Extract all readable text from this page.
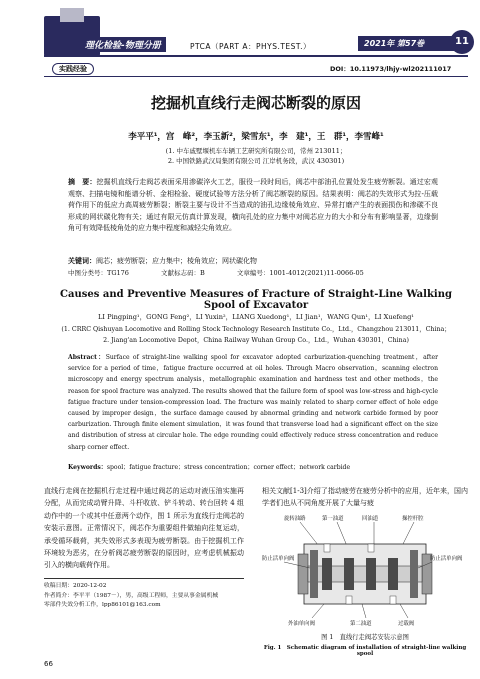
理化检验-物理分册	PTCA（PART A：PHYS.TEST.）	2021年 第57卷	11
实践经验	DOI：10.11973/lhjy-wl202111017
挖掘机直线行走阀芯断裂的原因
李平平¹，宫　峰²，李玉新²，梁雪东¹，李　建¹，王　群¹，李雪峰¹
(1. 中车戚墅堰机车车辆工艺研究所有限公司，常州 213011；
2. 中国铁路武汉局集团有限公司 江岸机务段，武汉 430301)
摘　要：挖掘机直线行走阀芯表面采用渗碳淬火工艺，服役一段时间后，阀芯中部油孔位置处发生疲劳断裂。通过宏观观察、扫描电镜和能谱分析、金相检验、硬度试验等方法分析了阀芯断裂的原因。结果表明：阀芯的失效形式为拉-压载荷作用下的低应力高周疲劳断裂；断裂主要与设计不当造成的油孔边缘棱角效应、异常打磨产生的表面损伤和渗碳不良形成的网状碳化物有关；通过有限元仿真计算发现，横向孔处的应力集中对阀芯应力的大小和分布有影响显著，边缘倒角可有效降低棱角处的应力集中程度和减轻尖角效应。
关键词：阀芯；疲劳断裂；应力集中；棱角效应；网状碳化物
中图分类号：TG176	文献标志码：B	文章编号：1001-4012(2021)11-0066-05
Causes and Preventive Measures of Fracture of Straight-Line Walking Spool of Excavator
LI Pingping¹，GONG Feng²，LI Yuxin²，LIANG Xuedong¹，LI Jian¹，WANG Qun¹，LI Xuefeng¹
(1. CRRC Qishuyan Locomotive and Rolling Stock Technology Research Institute Co.，Ltd.，Changzhou 213011，China；
2. Jiang'an Locomotive Depot，China Railway Wuhan Group Co.，Ltd.，Wuhan 430301，China)
Abstract：Surface of straight-line walking spool for excavator adopted carburization-quenching treatment，after service for a period of time，fatigue fracture occurred at oil holes. Through Macro observation，scanning electron microscopy and energy spectrum analysis，metallographic examination and hardness test and other methods，the reason for spool fracture was analyzed. The results showed that the failure form of spool was low-stress and high-cycle fatigue fracture under tension-compression load. The fracture was mainly related to sharp corner effect of hole edge caused by improper design，the surface damage caused by abnormal grinding and network carbide formed by poor carburization. Through finite element simulation，it was found that transverse load had a significant effect on the size and distribution of stress at circular hole. The edge rounding could effectively reduce stress concentration and reduce sharp corner effect.
Keywords：spool；fatigue fracture；stress concentration；corner effect；network carbide
直线行走阀在挖掘机行走过程中通过阀芯的运动对液压油实施再分配，从而完成动臂升降、斗杆收放、铲斗转动、转台回转 4 组动作中的一个或其中任意两个动作，图 1 所示为直线行走阀芯的安装示意图。正常情况下，阀芯作为重要组件做轴向往复运动，承受循环载荷，其失效形式多表现为疲劳断裂。由于挖掘机工作环境较为恶劣，在分析阀芯疲劳断裂的原因时，应考虑机械振动引入的横向载荷作用。
相关文献[1-3]介绍了指动疲劳在疲劳分析中的应用，近年来，国内学者们也从不同角度开展了大量与疲
收稿日期：2020-12-02
作者简介：李平平（1987－），男，高级工程师，主要从事金属机械
零部件失效分析工作，lpp86101@163.com
66
旋转油路	第一油道	回油道	操控杆腔
防止活单向阀	防止活单向阀
外油单向阀	第二油道	过载阀
图 1　直线行走阀芯安装示意图
Fig. 1　Schematic diagram of installation of straight-line walking spool
